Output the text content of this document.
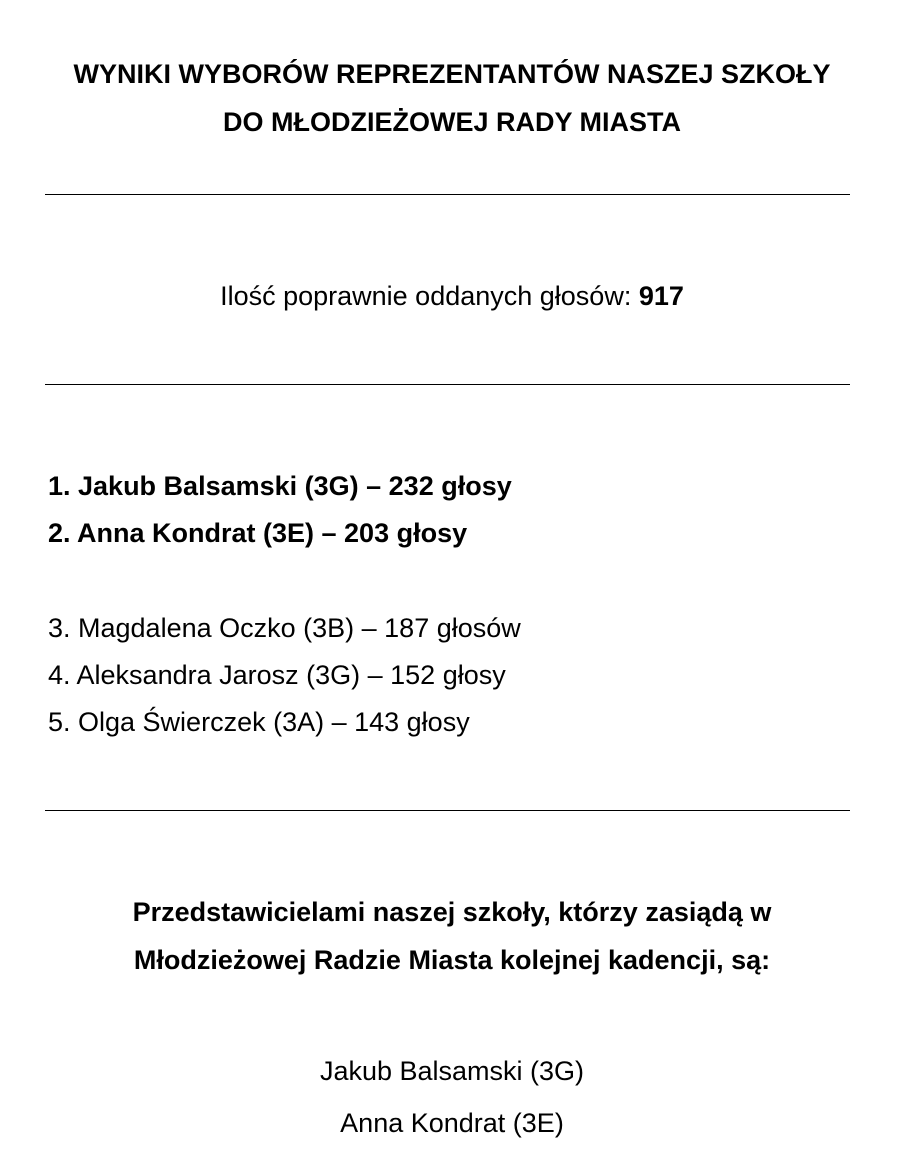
WYNIKI WYBORÓW REPREZENTANTÓW NASZEJ SZKOŁY
DO MŁODZIEŻOWEJ RADY MIASTA
Ilość poprawnie oddanych głosów: 917
1. Jakub Balsamski (3G) – 232 głosy
2. Anna Kondrat (3E) – 203 głosy
3. Magdalena Oczko (3B) – 187 głosów
4. Aleksandra Jarosz (3G) – 152 głosy
5. Olga Świerczek (3A) – 143 głosy
Przedstawicielami naszej szkoły, którzy zasiądą w
Młodzieżowej Radzie Miasta kolejnej kadencji, są:
Jakub Balsamski (3G)
Anna Kondrat (3E)
